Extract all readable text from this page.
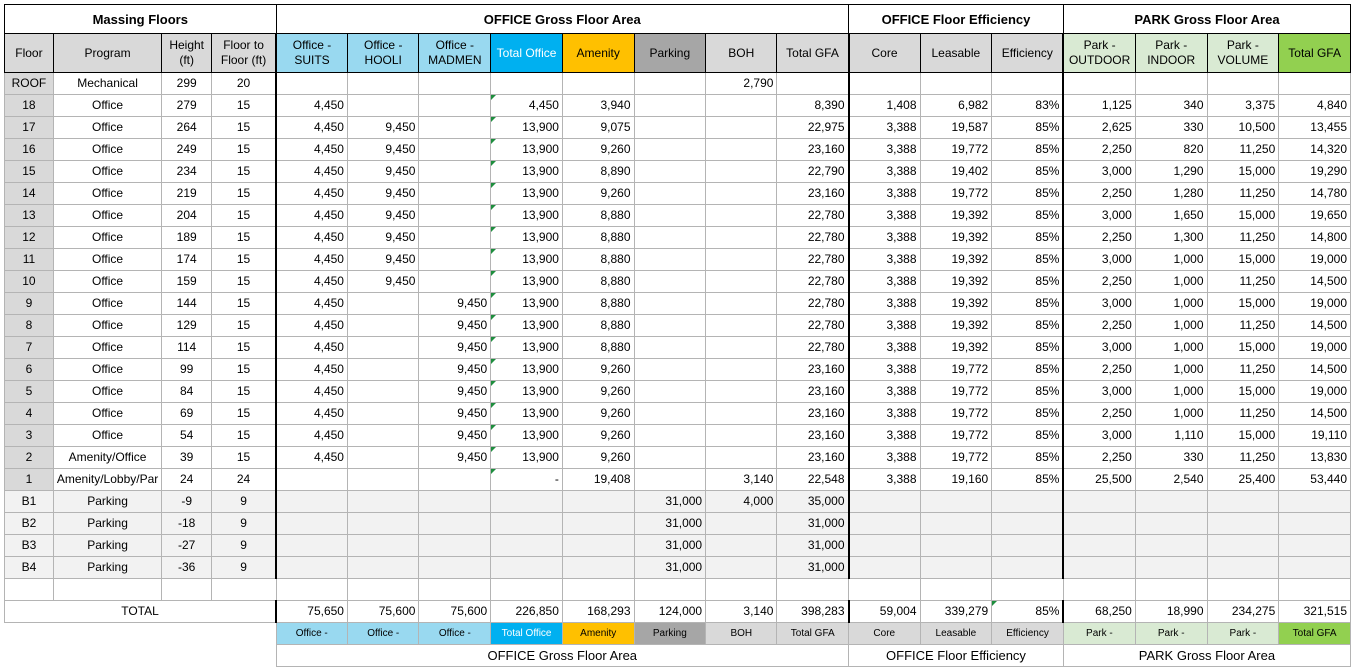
Massing Floors				OFFICE Gross Floor Area								OFFICE Floor Efficiency			PARK Gross Floor Area			
Floor	Program	Height (ft)	Floor to Floor (ft)	Office - SUITS	Office - HOOLI	Office - MADMEN	Total Office	Amenity	Parking	BOH	Total GFA	Core	Leasable	Efficiency	Park - OUTDOOR	Park - INDOOR	Park - VOLUME	Total GFA
ROOF	Mechanical	299	20							2,790								
18	Office	279	15	4,450			4,450	3,940			8,390	1,408	6,982	83%	1,125	340	3,375	4,840
17	Office	264	15	4,450	9,450		13,900	9,075			22,975	3,388	19,587	85%	2,625	330	10,500	13,455
16	Office	249	15	4,450	9,450		13,900	9,260			23,160	3,388	19,772	85%	2,250	820	11,250	14,320
15	Office	234	15	4,450	9,450		13,900	8,890			22,790	3,388	19,402	85%	3,000	1,290	15,000	19,290
14	Office	219	15	4,450	9,450		13,900	9,260			23,160	3,388	19,772	85%	2,250	1,280	11,250	14,780
13	Office	204	15	4,450	9,450		13,900	8,880			22,780	3,388	19,392	85%	3,000	1,650	15,000	19,650
12	Office	189	15	4,450	9,450		13,900	8,880			22,780	3,388	19,392	85%	2,250	1,300	11,250	14,800
11	Office	174	15	4,450	9,450		13,900	8,880			22,780	3,388	19,392	85%	3,000	1,000	15,000	19,000
10	Office	159	15	4,450	9,450		13,900	8,880			22,780	3,388	19,392	85%	2,250	1,000	11,250	14,500
9	Office	144	15	4,450		9,450	13,900	8,880			22,780	3,388	19,392	85%	3,000	1,000	15,000	19,000
8	Office	129	15	4,450		9,450	13,900	8,880			22,780	3,388	19,392	85%	2,250	1,000	11,250	14,500
7	Office	114	15	4,450		9,450	13,900	8,880			22,780	3,388	19,392	85%	3,000	1,000	15,000	19,000
6	Office	99	15	4,450		9,450	13,900	9,260			23,160	3,388	19,772	85%	2,250	1,000	11,250	14,500
5	Office	84	15	4,450		9,450	13,900	9,260			23,160	3,388	19,772	85%	3,000	1,000	15,000	19,000
4	Office	69	15	4,450		9,450	13,900	9,260			23,160	3,388	19,772	85%	2,250	1,000	11,250	14,500
3	Office	54	15	4,450		9,450	13,900	9,260			23,160	3,388	19,772	85%	3,000	1,110	15,000	19,110
2	Amenity/Office	39	15	4,450		9,450	13,900	9,260			23,160	3,388	19,772	85%	2,250	330	11,250	13,830
1	Amenity/Lobby/Par	24	24				-	19,408		3,140	22,548	3,388	19,160	85%	25,500	2,540	25,400	53,440
B1	Parking	-9	9						31,000	4,000	35,000							
B2	Parking	-18	9						31,000		31,000							
B3	Parking	-27	9						31,000		31,000							
B4	Parking	-36	9						31,000		31,000							

TOTAL				75,650	75,600	75,600	226,850	168,293	124,000	3,140	398,283	59,004	339,279	85%	68,250	18,990	234,275	321,515
				Office -	Office -	Office -	Total Office	Amenity	Parking	BOH	Total GFA	Core	Leasable	Efficiency	Park -	Park -	Park -	Total GFA
				OFFICE Gross Floor Area								OFFICE Floor Efficiency			PARK Gross Floor Area			
